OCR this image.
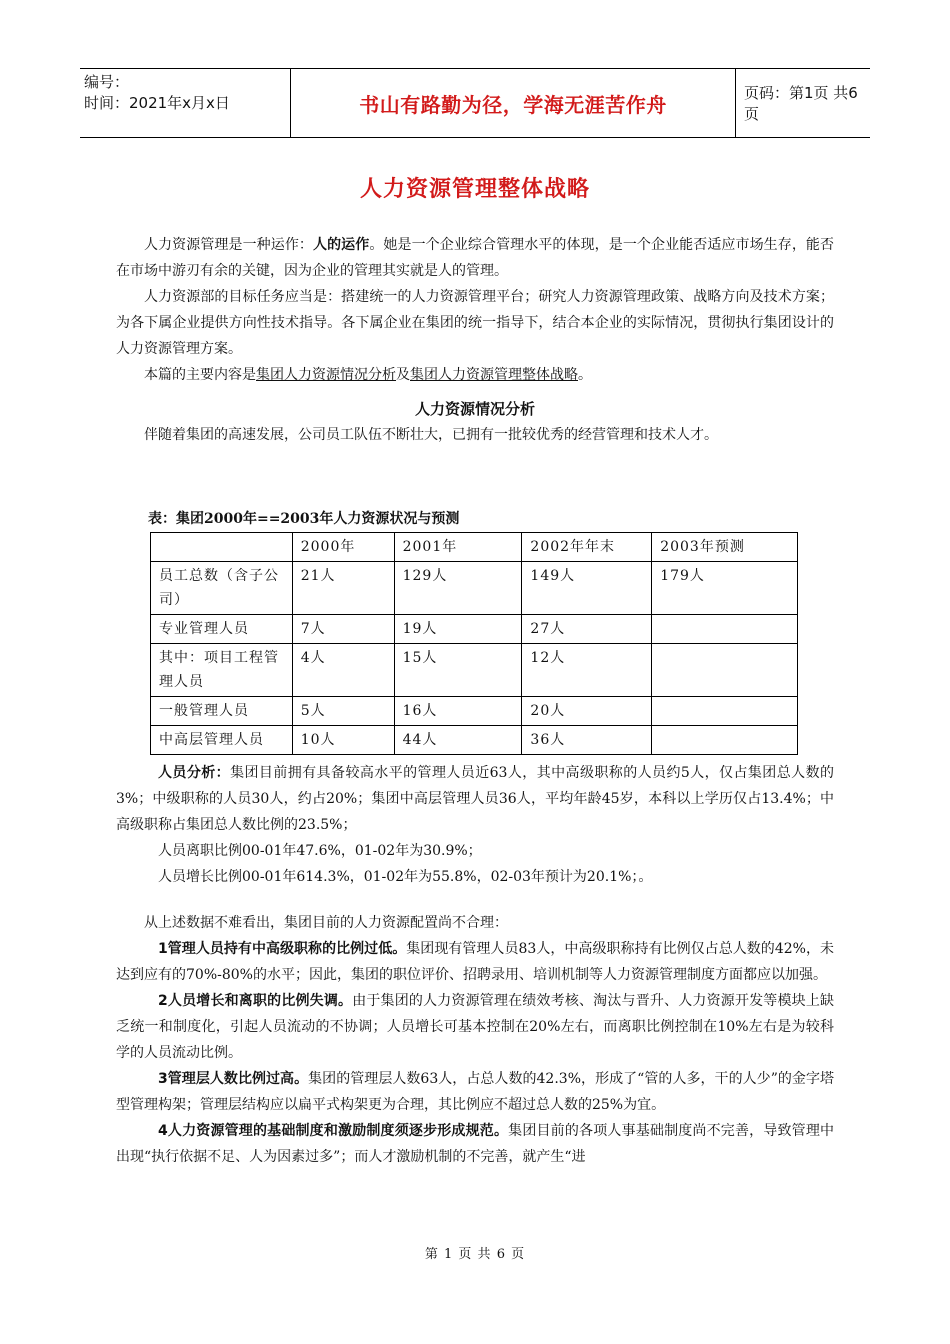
编号：
时间：2021年x月x日	书山有路勤为径，学海无涯苦作舟	页码：第1页 共6页
人力资源管理整体战略

人力资源管理是一种运作：人的运作。她是一个企业综合管理水平的体现，是一个企业能否适应市场生存，能否在市场中游刃有余的关键，因为企业的管理其实就是人的管理。

人力资源部的目标任务应当是：搭建统一的人力资源管理平台；研究人力资源管理政策、战略方向及技术方案；为各下属企业提供方向性技术指导。各下属企业在集团的统一指导下，结合本企业的实际情况，贯彻执行集团设计的人力资源管理方案。

本篇的主要内容是集团人力资源情况分析及集团人力资源管理整体战略。

人力资源情况分析

伴随着集团的高速发展，公司员工队伍不断壮大，已拥有一批较优秀的经营管理和技术人才。

表：集团2000年==2003年人力资源状况与预测
	2000年	2001年	2002年年末	2003年预测
员工总数（含子公司）	21人	129人	149人	179人
专业管理人员	7人	19人	27人	
其中：项目工程管理人员	4人	15人	12人	
一般管理人员	5人	16人	20人	
中高层管理人员	10人	44人	36人	

人员分析：集团目前拥有具备较高水平的管理人员近63人，其中高级职称的人员约5人，仅占集团总人数的3%；中级职称的人员30人，约占20%；集团中高层管理人员36人，平均年龄45岁，本科以上学历仅占13.4%；中高级职称占集团总人数比例的23.5%；

人员离职比例00-01年47.6%，01-02年为30.9%；

人员增长比例00-01年614.3%，01-02年为55.8%，02-03年预计为20.1%；。

从上述数据不难看出，集团目前的人力资源配置尚不合理：

1管理人员持有中高级职称的比例过低。集团现有管理人员83人，中高级职称持有比例仅占总人数的42%，未达到应有的70%-80%的水平；因此，集团的职位评价、招聘录用、培训机制等人力资源管理制度方面都应以加强。

2人员增长和离职的比例失调。由于集团的人力资源管理在绩效考核、淘汰与晋升、人力资源开发等模块上缺乏统一和制度化，引起人员流动的不协调；人员增长可基本控制在20%左右，而离职比例控制在10%左右是为较科学的人员流动比例。

3管理层人数比例过高。集团的管理层人数63人，占总人数的42.3%，形成了“管的人多，干的人少”的金字塔型管理构架；管理层结构应以扁平式构架更为合理，其比例应不超过总人数的25%为宜。

4人力资源管理的基础制度和激励制度须逐步形成规范。集团目前的各项人事基础制度尚不完善，导致管理中出现“执行依据不足、人为因素过多”；而人才激励机制的不完善，就产生“进

第 1 页 共 6 页
